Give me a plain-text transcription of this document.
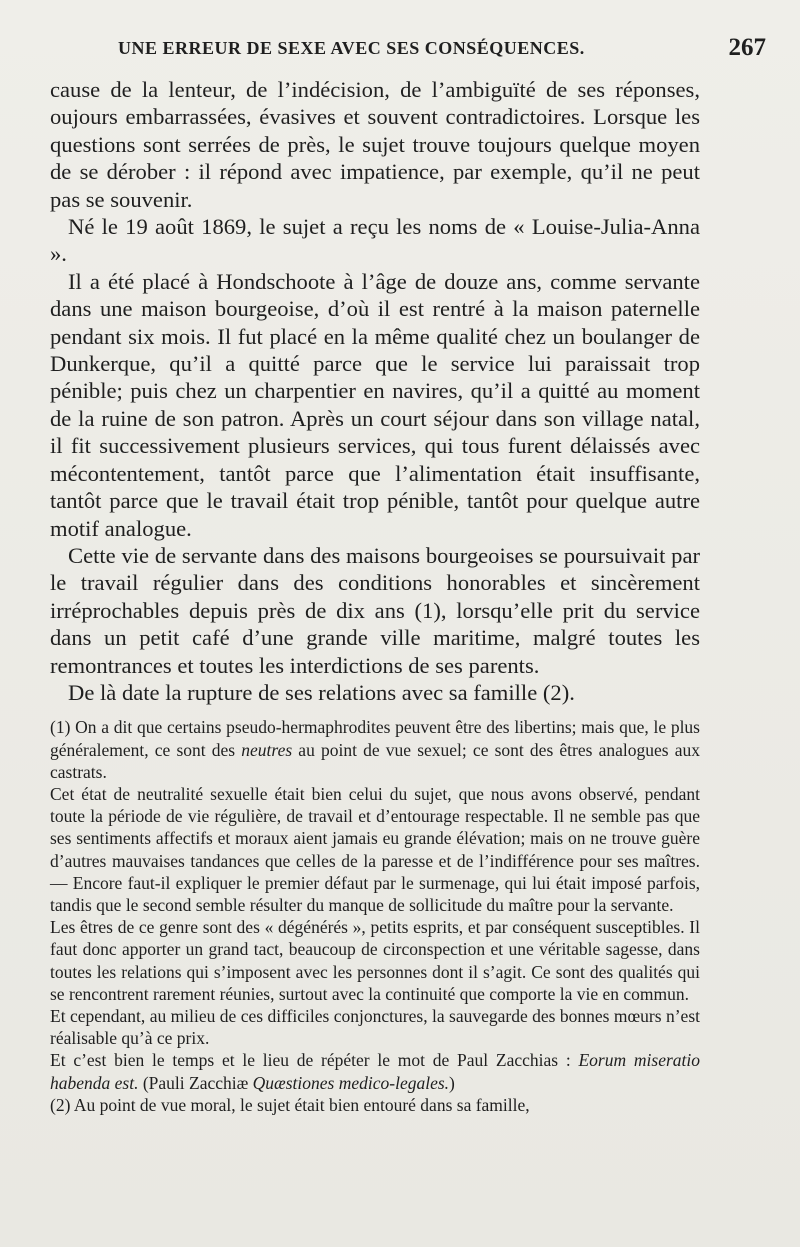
UNE ERREUR DE SEXE AVEC SES CONSÉQUENCES.	267

cause de la lenteur, de l’indécision, de l’ambiguïté de ses réponses, oujours embarrassées, évasives et souvent contradictoires. Lorsque les questions sont serrées de près, le sujet trouve toujours quelque moyen de se dérober : il répond avec impatience, par exemple, qu’il ne peut pas se souvenir.

Né le 19 août 1869, le sujet a reçu les noms de « Louise-Julia-Anna ».

Il a été placé à Hondschoote à l’âge de douze ans, comme servante dans une maison bourgeoise, d’où il est rentré à la maison paternelle pendant six mois. Il fut placé en la même qualité chez un boulanger de Dunkerque, qu’il a quitté parce que le service lui paraissait trop pénible; puis chez un charpentier en navires, qu’il a quitté au moment de la ruine de son patron. Après un court séjour dans son village natal, il fit successivement plusieurs services, qui tous furent délaissés avec mécontentement, tantôt parce que l’alimentation était insuffisante, tantôt parce que le travail était trop pénible, tantôt pour quelque autre motif analogue.

Cette vie de servante dans des maisons bourgeoises se poursuivait par le travail régulier dans des conditions honorables et sincèrement irréprochables depuis près de dix ans (1), lorsqu’elle prit du service dans un petit café d’une grande ville maritime, malgré toutes les remontrances et toutes les interdictions de ses parents.

De là date la rupture de ses relations avec sa famille (2).

(1) On a dit que certains pseudo-hermaphrodites peuvent être des libertins; mais que, le plus généralement, ce sont des neutres au point de vue sexuel; ce sont des êtres analogues aux castrats.

Cet état de neutralité sexuelle était bien celui du sujet, que nous avons observé, pendant toute la période de vie régulière, de travail et d’entourage respectable. Il ne semble pas que ses sentiments affectifs et moraux aient jamais eu grande élévation; mais on ne trouve guère d’autres mauvaises tandances que celles de la paresse et de l’indifférence pour ses maîtres. — Encore faut-il expliquer le premier défaut par le surmenage, qui lui était imposé parfois, tandis que le second semble résulter du manque de sollicitude du maître pour la servante.

Les êtres de ce genre sont des « dégénérés », petits esprits, et par conséquent susceptibles. Il faut donc apporter un grand tact, beaucoup de circonspection et une véritable sagesse, dans toutes les relations qui s’imposent avec les personnes dont il s’agit. Ce sont des qualités qui se rencontrent rarement réunies, surtout avec la continuité que comporte la vie en commun.

Et cependant, au milieu de ces difficiles conjonctures, la sauvegarde des bonnes mœurs n’est réalisable qu’à ce prix.

Et c’est bien le temps et le lieu de répéter le mot de Paul Zacchias : Eorum miseratio habenda est. (Pauli Zacchiæ Quæstiones medico-legales.)

(2) Au point de vue moral, le sujet était bien entouré dans sa famille,
